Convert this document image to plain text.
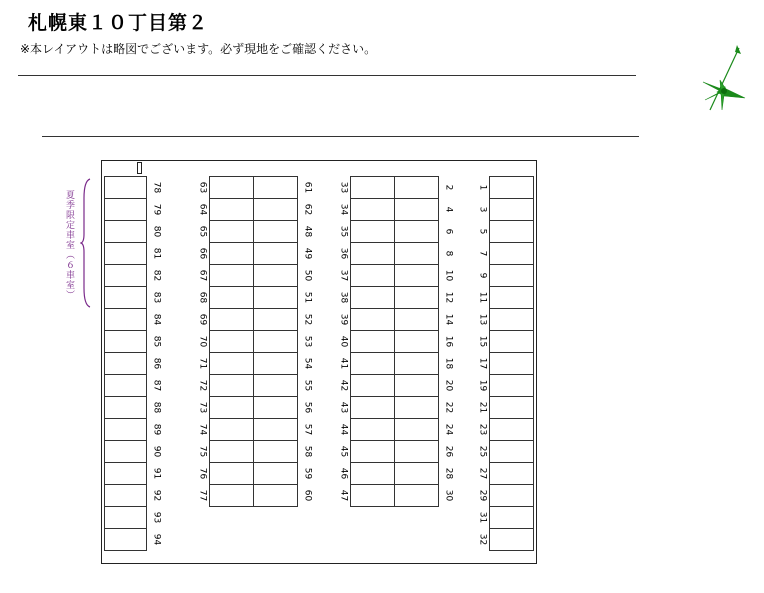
札幌東１０丁目第２
※本レイアウトは略図でございます。必ず現地をご確認ください。
夏季限定車室（６車室）
78
79
80
81
82
83
84
85
86
87
88
89
90
91
92
93
94
63
64
65
66
67
68
69
70
71
72
73
74
75
76
77
61
62
48
49
50
51
52
53
54
55
56
57
58
59
60
33
34
35
36
37
38
39
40
41
42
43
44
45
46
47
2
4
6
8
10
12
14
16
18
20
22
24
26
28
30
1
3
5
7
9
11
13
15
17
19
21
23
25
27
29
31
32
